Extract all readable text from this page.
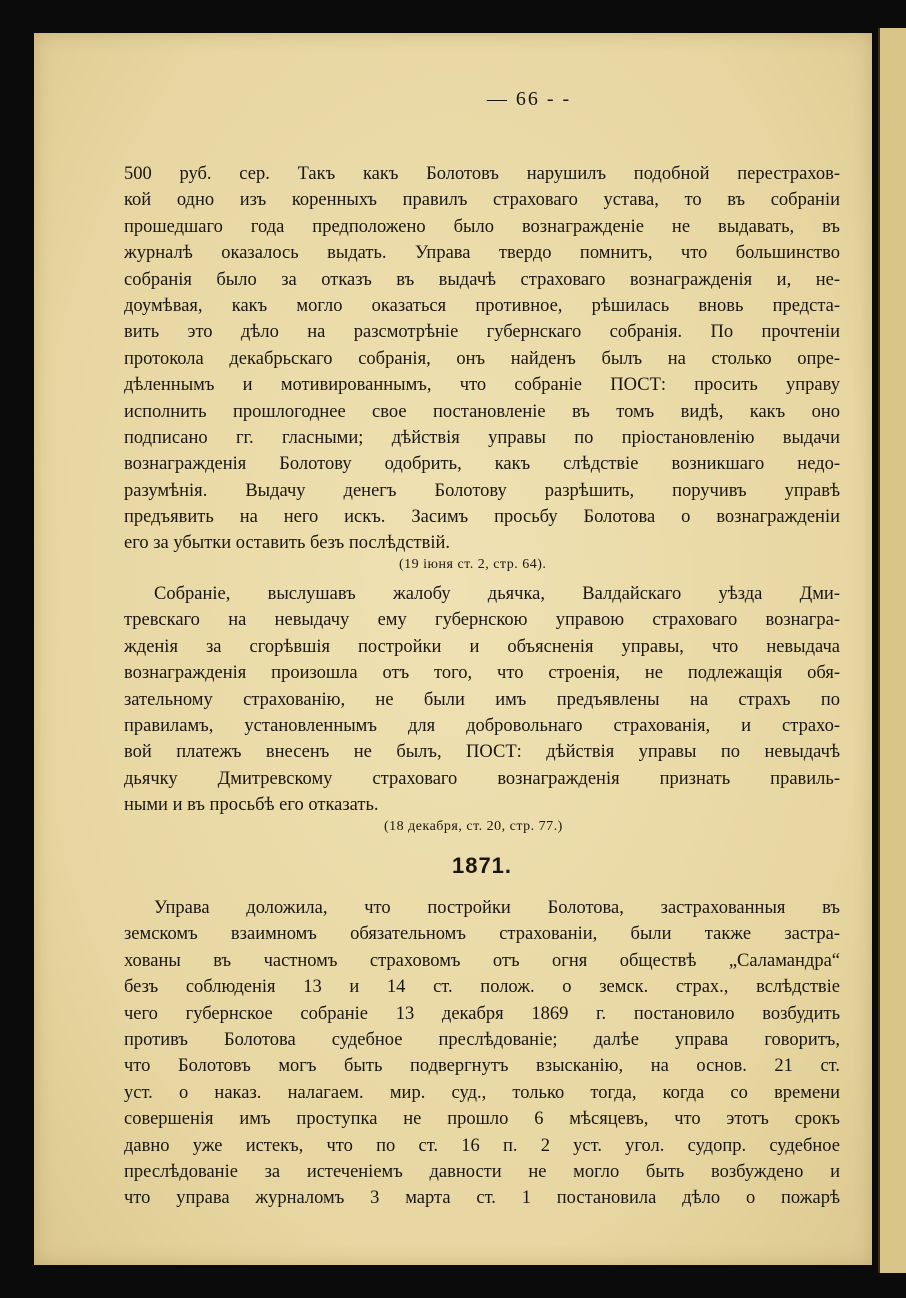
— 66 - -
500 руб. сер. Такъ какъ Болотовъ нарушилъ подобной перестрахов-
кой одно изъ коренныхъ правилъ страховаго устава, то въ собраніи
прошедшаго года предположено было вознагражденіе не выдавать, въ
журналѣ оказалось выдать. Управа твердо помнитъ, что большинство
собранія было за отказъ въ выдачѣ страховаго вознагражденія и, не-
доумѣвая, какъ могло оказаться противное, рѣшилась вновь предста-
вить это дѣло на разсмотрѣніе губернскаго собранія. По прочтеніи
протокола декабрьскаго собранія, онъ найденъ былъ на столько опре-
дѣленнымъ и мотивированнымъ, что собраніе ПОСТ: просить управу
исполнить прошлогоднее свое постановленіе въ томъ видѣ, какъ оно
подписано гг. гласными; дѣйствія управы по пріостановленію выдачи
вознагражденія Болотову одобрить, какъ слѣдствіе возникшаго недо-
разумѣнія. Выдачу денегъ Болотову разрѣшить, поручивъ управѣ
предъявить на него искъ. Засимъ просьбу Болотова о вознагражденіи
его за убытки оставить безъ послѣдствій.
(19 іюня ст. 2, стр. 64).
Собраніе, выслушавъ жалобу дьячка, Валдайскаго уѣзда Дми-
тревскаго на невыдачу ему губернскою управою страховаго вознагра-
жденія за сгорѣвшія постройки и объясненія управы, что невыдача
вознагражденія произошла отъ того, что строенія, не подлежащія обя-
зательному страхованію, не были имъ предъявлены на страхъ по
правиламъ, установленнымъ для добровольнаго страхованія, и страхо-
вой платежъ внесенъ не былъ, ПОСТ: дѣйствія управы по невыдачѣ
дьячку Дмитревскому страховаго вознагражденія признать правиль-
ными и въ просьбѣ его отказать.
(18 декабря, ст. 20, стр. 77.)
1871.
Управа доложила, что постройки Болотова, застрахованныя въ
земскомъ взаимномъ обязательномъ страхованіи, были также застра-
хованы въ частномъ страховомъ отъ огня обществѣ „Саламандра“
безъ соблюденія 13 и 14 ст. полож. о земск. страх., вслѣдствіе
чего губернское собраніе 13 декабря 1869 г. постановило возбудить
противъ Болотова судебное преслѣдованіе; далѣе управа говоритъ,
что Болотовъ могъ быть подвергнутъ взысканію, на основ. 21 ст.
уст. о наказ. налагаем. мир. суд., только тогда, когда со времени
совершенія имъ проступка не прошло 6 мѣсяцевъ, что этотъ срокъ
давно уже истекъ, что по ст. 16 п. 2 уст. угол. судопр. судебное
преслѣдованіе за истеченіемъ давности не могло быть возбуждено и
что управа журналомъ 3 марта ст. 1 постановила дѣло о пожарѣ
